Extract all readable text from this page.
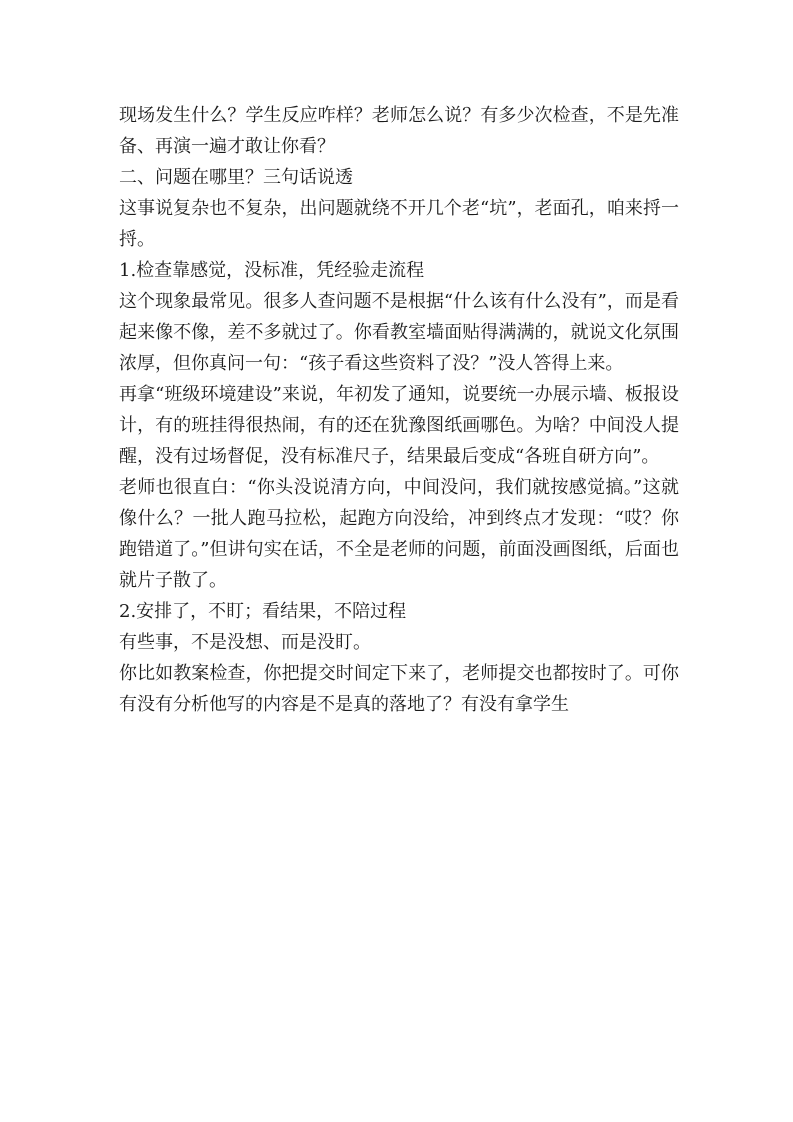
现场发生什么？学生反应咋样？老师怎么说？有多少次检查，不是先准备、再演一遍才敢让你看？

二、问题在哪里？三句话说透

这事说复杂也不复杂，出问题就绕不开几个老“坑”，老面孔，咱来捋一捋。

1.检查靠感觉，没标准，凭经验走流程

这个现象最常见。很多人查问题不是根据“什么该有什么没有”，而是看起来像不像，差不多就过了。你看教室墙面贴得满满的，就说文化氛围浓厚，但你真问一句：“孩子看这些资料了没？”没人答得上来。

再拿“班级环境建设”来说，年初发了通知，说要统一办展示墙、板报设计，有的班挂得很热闹，有的还在犹豫图纸画哪色。为啥？中间没人提醒，没有过场督促，没有标准尺子，结果最后变成“各班自研方向”。

老师也很直白：“你头没说清方向，中间没问，我们就按感觉搞。”这就像什么？一批人跑马拉松，起跑方向没给，冲到终点才发现：“哎？你跑错道了。”但讲句实在话，不全是老师的问题，前面没画图纸，后面也就片子散了。

2.安排了，不盯；看结果，不陪过程

有些事，不是没想、而是没盯。

你比如教案检查，你把提交时间定下来了，老师提交也都按时了。可你有没有分析他写的内容是不是真的落地了？有没有拿学生
